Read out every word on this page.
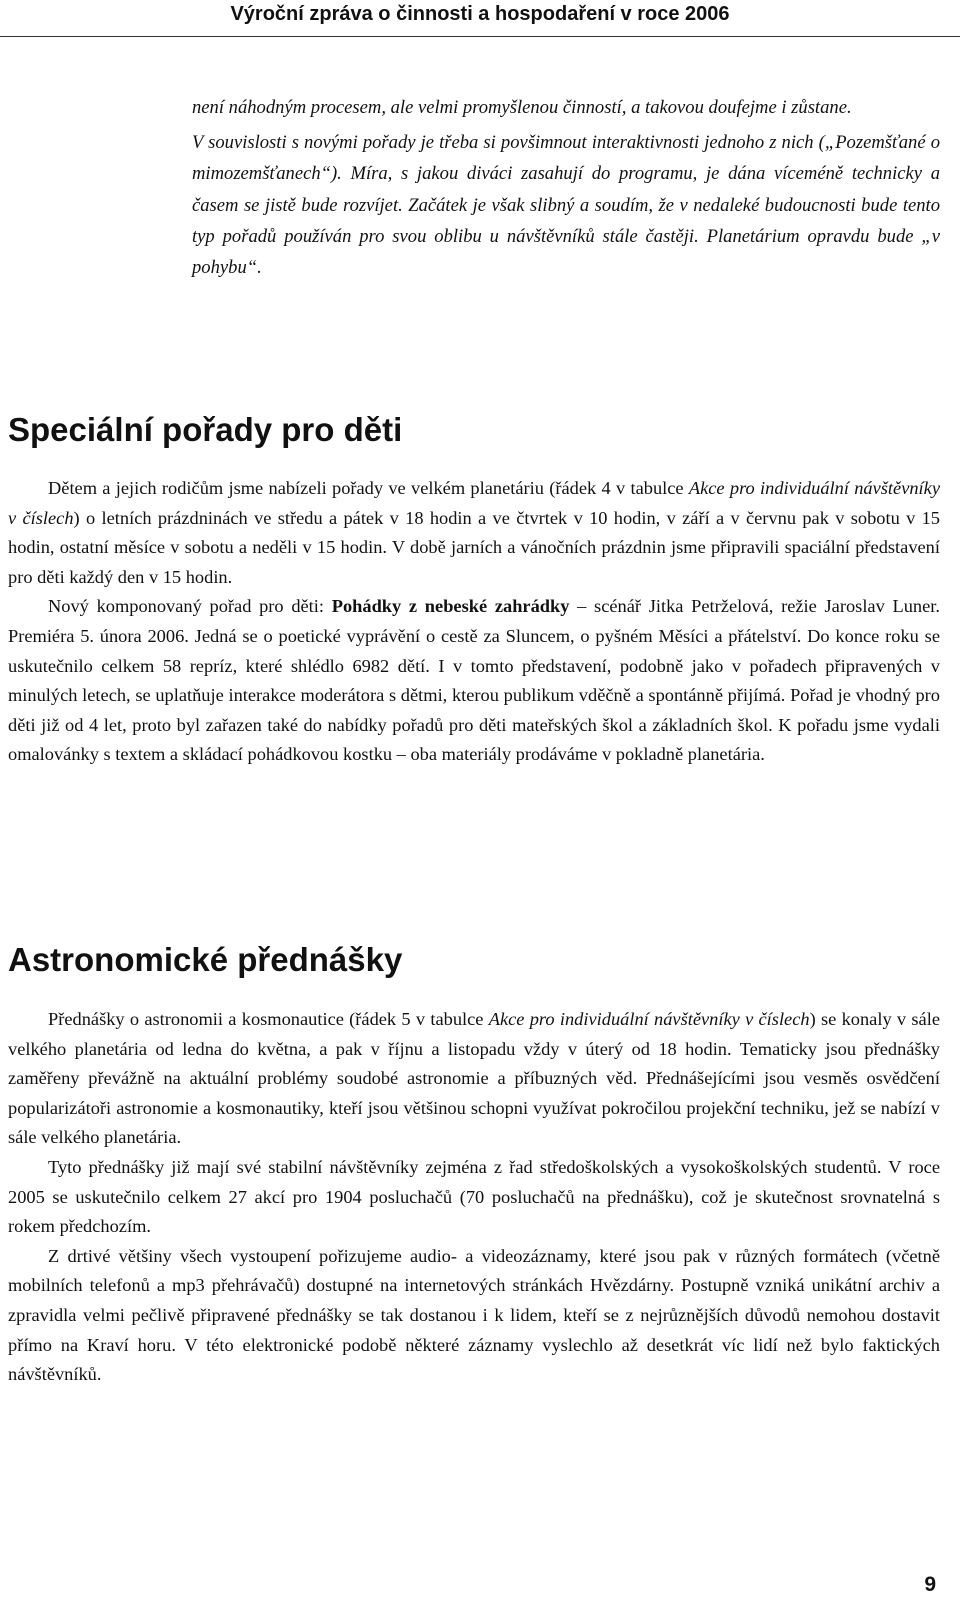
Výroční zpráva o činnosti a hospodaření v roce 2006

není náhodným procesem, ale velmi promyšlenou činností, a takovou doufejme i zůstane.

V souvislosti s novými pořady je třeba si povšimnout interaktivnosti jednoho z nich („Pozemšťané o mimozemšťanech“). Míra, s jakou diváci zasahují do programu, je dána víceméně technicky a časem se jistě bude rozvíjet. Začátek je však slibný a soudím, že v nedaleké budoucnosti bude tento typ pořadů používán pro svou oblibu u návštěvníků stále častěji. Planetárium opravdu bude „v pohybu“.

Speciální pořady pro děti

Dětem a jejich rodičům jsme nabízeli pořady ve velkém planetáriu (řádek 4 v tabulce Akce pro individuální návštěvníky v číslech) o letních prázdninách ve středu a pátek v 18 hodin a ve čtvrtek v 10 hodin, v září a v červnu pak v sobotu v 15 hodin, ostatní měsíce v sobotu a neděli v 15 hodin. V době jarních a vánočních prázdnin jsme připravili spaciální představení pro děti každý den v 15 hodin.

Nový komponovaný pořad pro děti: Pohádky z nebeské zahrádky – scénář Jitka Petrželová, režie Jaroslav Luner. Premiéra 5. února 2006. Jedná se o poetické vyprávění o cestě za Sluncem, o pyšném Měsíci a přátelství. Do konce roku se uskutečnilo celkem 58 repríz, které shlédlo 6982 dětí. I v tomto představení, podobně jako v pořadech připravených v minulých letech, se uplatňuje interakce moderátora s dětmi, kterou publikum vděčně a spontánně přijímá. Pořad je vhodný pro děti již od 4 let, proto byl zařazen také do nabídky pořadů pro děti mateřských škol a základních škol. K pořadu jsme vydali omalovánky s textem a skládací pohádkovou kostku – oba materiály prodáváme v pokladně planetária.

Astronomické přednášky

Přednášky o astronomii a kosmonautice (řádek 5 v tabulce Akce pro individuální návštěvníky v číslech) se konaly v sále velkého planetária od ledna do května, a pak v říjnu a listopadu vždy v úterý od 18 hodin. Tematicky jsou přednášky zaměřeny převážně na aktuální problémy soudobé astronomie a příbuzných věd. Přednášejícími jsou vesměs osvědčení popularizátoři astronomie a kosmonautiky, kteří jsou většinou schopni využívat pokročilou projekční techniku, jež se nabízí v sále velkého planetária.

Tyto přednášky již mají své stabilní návštěvníky zejména z řad středoškolských a vysokoškolských studentů. V roce 2005 se uskutečnilo celkem 27 akcí pro 1904 posluchačů (70 posluchačů na přednášku), což je skutečnost srovnatelná s rokem předchozím.

Z drtivé většiny všech vystoupení pořizujeme audio- a videozáznamy, které jsou pak v různých formátech (včetně mobilních telefonů a mp3 přehrávačů) dostupné na internetových stránkách Hvězdárny. Postupně vzniká unikátní archiv a zpravidla velmi pečlivě připravené přednášky se tak dostanou i k lidem, kteří se z nejrůznějších důvodů nemohou dostavit přímo na Kraví horu. V této elektronické podobě některé záznamy vyslechlo až desetkrát víc lidí než bylo faktických návštěvníků.

9
